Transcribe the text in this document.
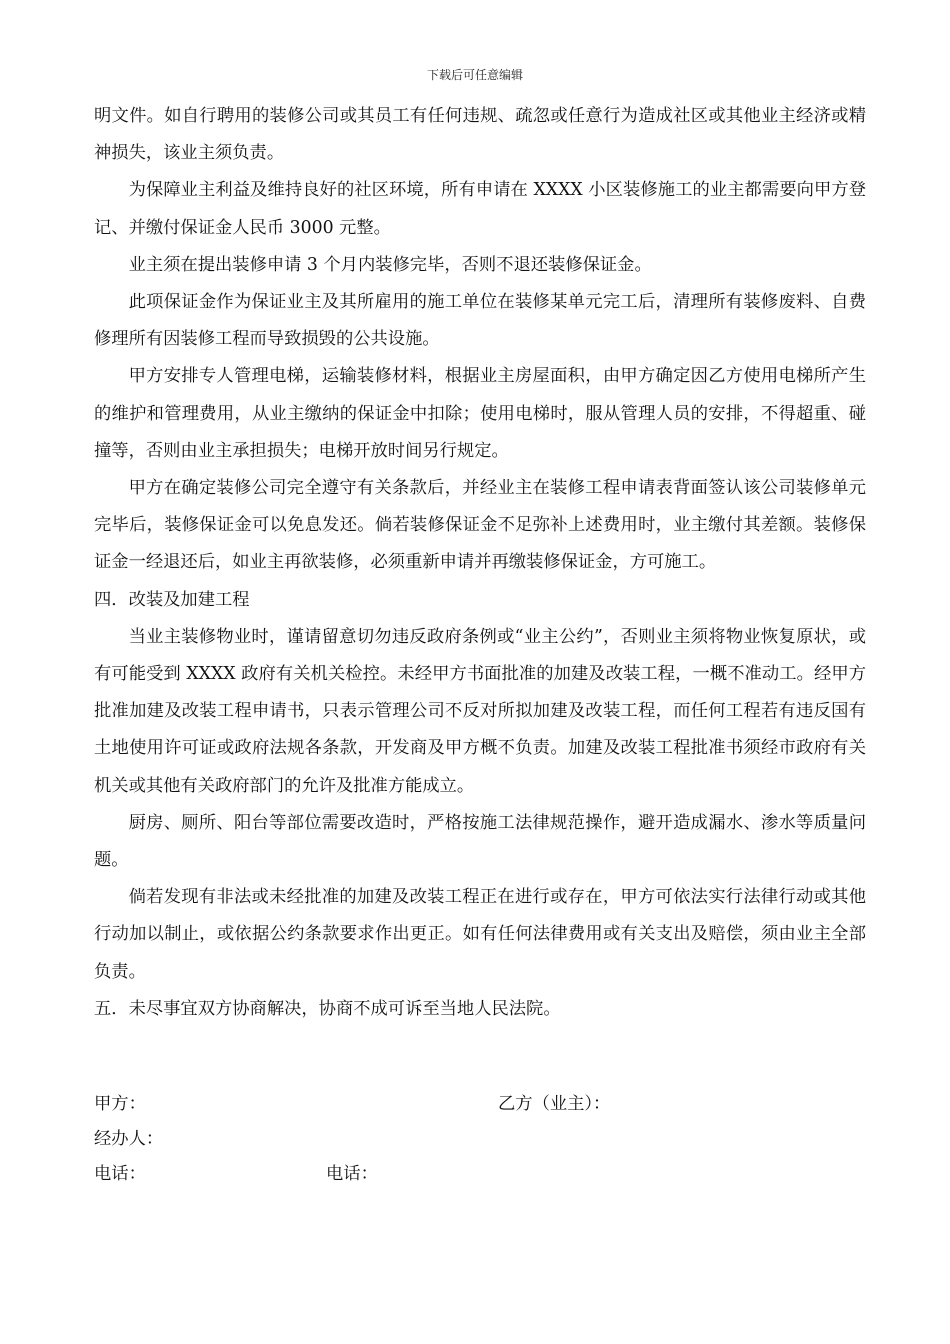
下载后可任意编辑

明文件。如自行聘用的装修公司或其员工有任何违规、疏忽或任意行为造成社区或其他业主经济或精神损失，该业主须负责。

为保障业主利益及维持良好的社区环境，所有申请在 XXXX 小区装修施工的业主都需要向甲方登记、并缴付保证金人民币 3000 元整。

业主须在提出装修申请 3 个月内装修完毕，否则不退还装修保证金。

此项保证金作为保证业主及其所雇用的施工单位在装修某单元完工后，清理所有装修废料、自费修理所有因装修工程而导致损毁的公共设施。

甲方安排专人管理电梯，运输装修材料，根据业主房屋面积，由甲方确定因乙方使用电梯所产生的维护和管理费用，从业主缴纳的保证金中扣除；使用电梯时，服从管理人员的安排，不得超重、碰撞等，否则由业主承担损失；电梯开放时间另行规定。

甲方在确定装修公司完全遵守有关条款后，并经业主在装修工程申请表背面签认该公司装修单元完毕后，装修保证金可以免息发还。倘若装修保证金不足弥补上述费用时，业主缴付其差额。装修保证金一经退还后，如业主再欲装修，必须重新申请并再缴装修保证金，方可施工。

四．改装及加建工程

当业主装修物业时，谨请留意切勿违反政府条例或“业主公约”，否则业主须将物业恢复原状，或有可能受到 XXXX 政府有关机关检控。未经甲方书面批准的加建及改装工程，一概不准动工。经甲方批准加建及改装工程申请书，只表示管理公司不反对所拟加建及改装工程，而任何工程若有违反国有土地使用许可证或政府法规各条款，开发商及甲方概不负责。加建及改装工程批准书须经市政府有关机关或其他有关政府部门的允许及批准方能成立。

厨房、厕所、阳台等部位需要改造时，严格按施工法律规范操作，避开造成漏水、渗水等质量问题。

倘若发现有非法或未经批准的加建及改装工程正在进行或存在，甲方可依法实行法律行动或其他行动加以制止，或依据公约条款要求作出更正。如有任何法律费用或有关支出及赔偿，须由业主全部负责。

五．未尽事宜双方协商解决，协商不成可诉至当地人民法院。

甲方：	乙方（业主）：
经办人：
电话：	电话：
